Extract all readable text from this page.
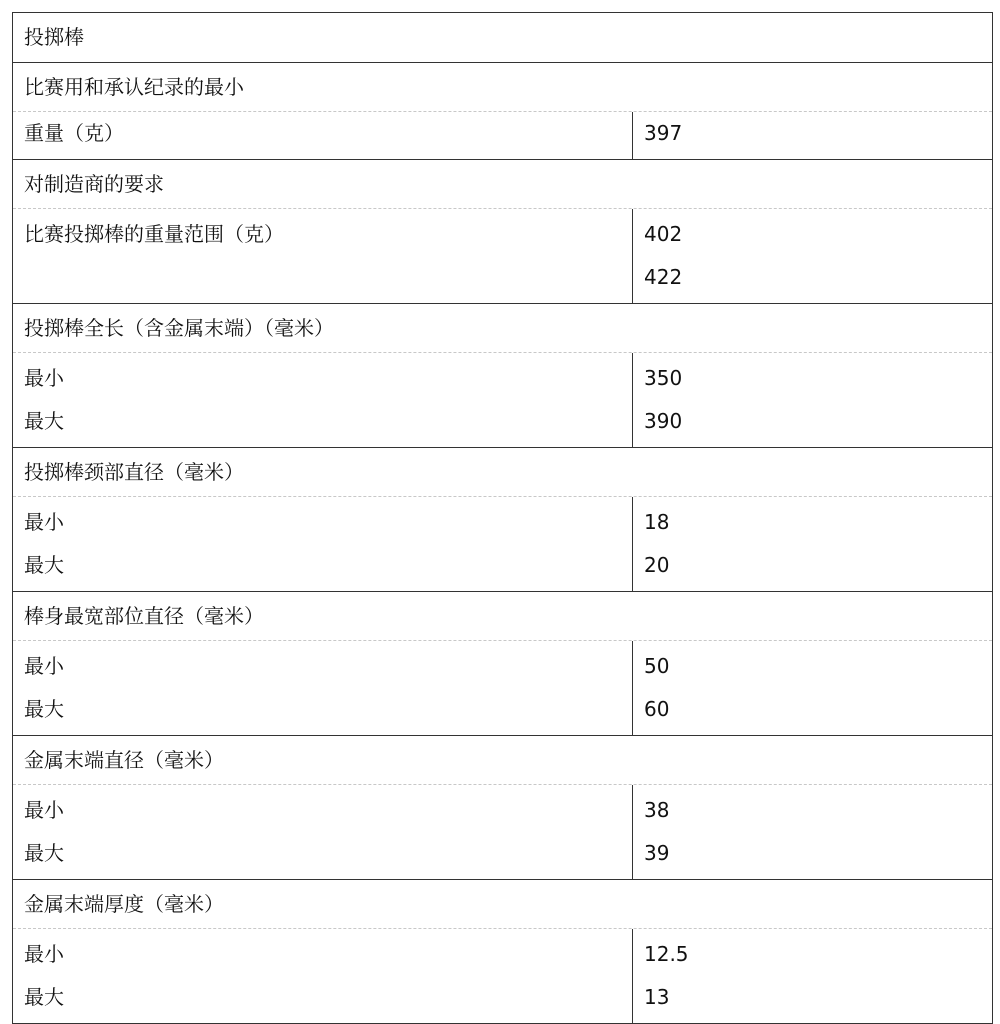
投掷棒
比赛用和承认纪录的最小
重量（克）	397
对制造商的要求
比赛投掷棒的重量范围（克）	402
422
投掷棒全长（含金属末端）（毫米）
最小
最大
350
390
投掷棒颈部直径（毫米）
最小
最大
18
20
棒身最宽部位直径（毫米）
最小
最大
50
60
金属末端直径（毫米）
最小
最大
38
39
金属末端厚度（毫米）
最小
最大
12.5
13
